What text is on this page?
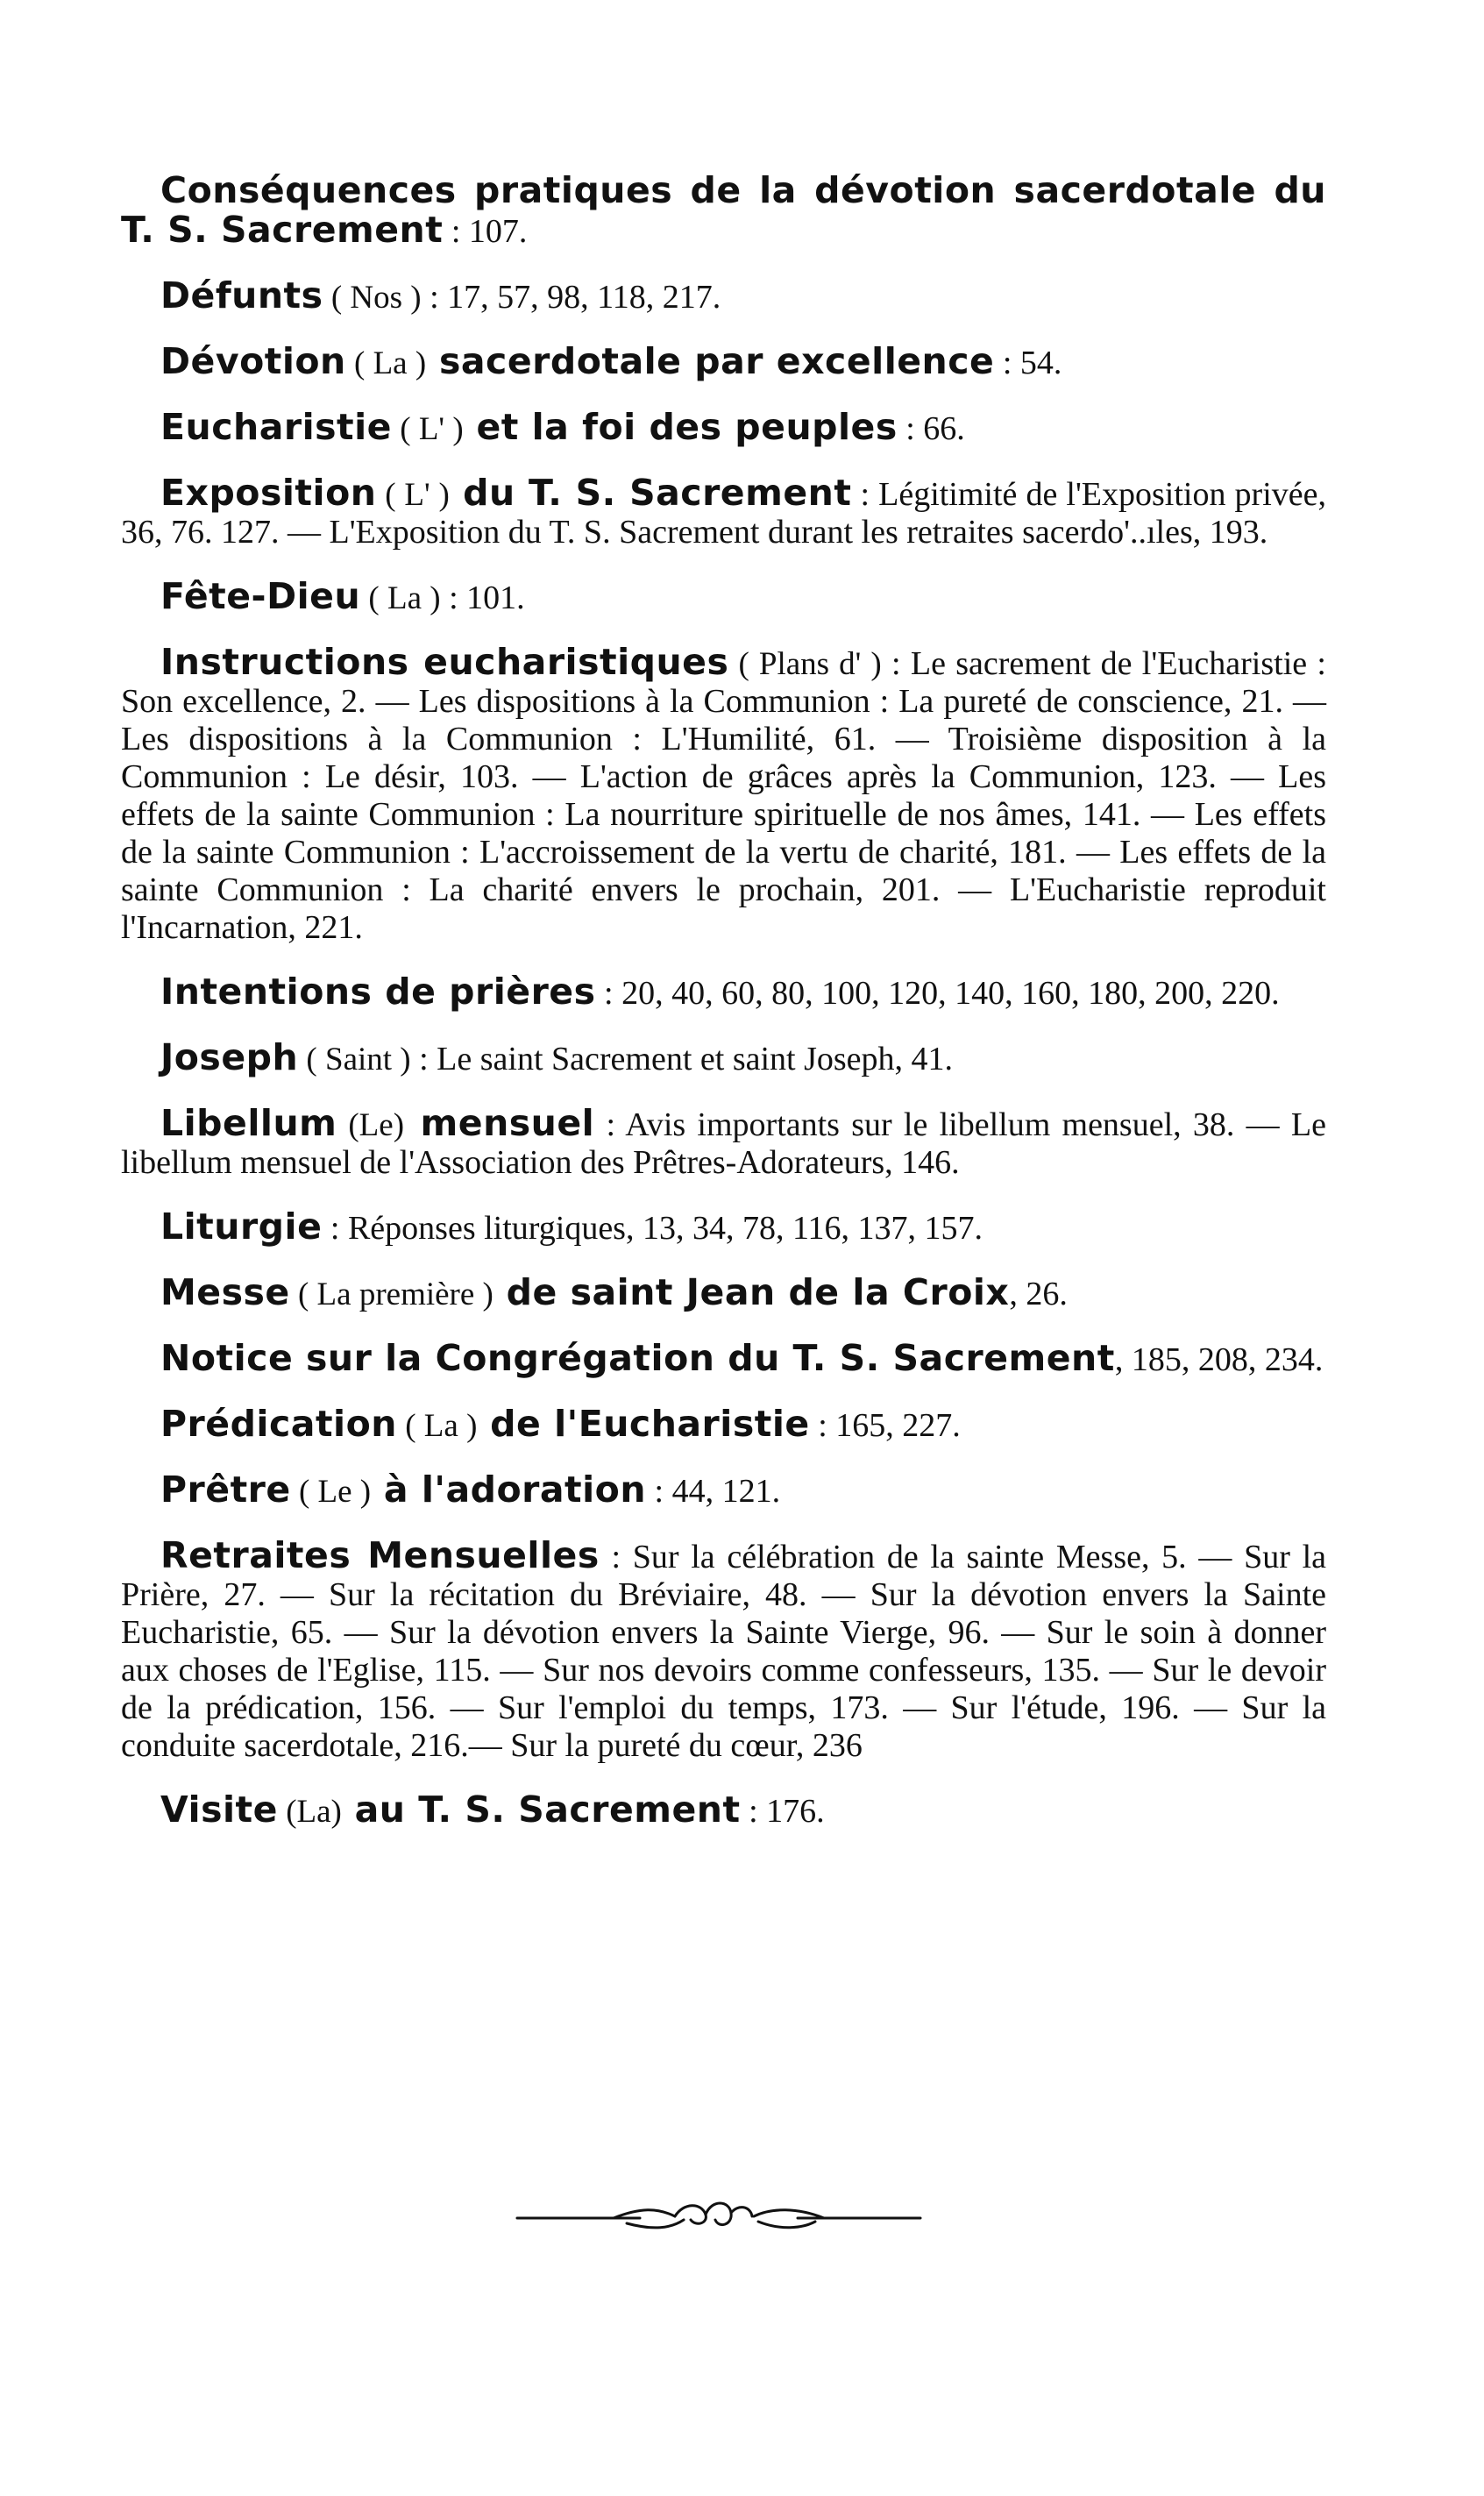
Conséquences pratiques de la dévotion sacerdotale du T. S. Sacrement : 107.

Défunts ( Nos ) : 17, 57, 98, 118, 217.

Dévotion ( La ) sacerdotale par excellence : 54.

Eucharistie ( L' ) et la foi des peuples : 66.

Exposition ( L' ) du T. S. Sacrement : Légitimité de l'Exposition privée, 36, 76. 127. — L'Exposition du T. S. Sacrement durant les retraites sacerdo'..ıles, 193.

Fête-Dieu ( La ) : 101.

Instructions eucharistiques ( Plans d' ) : Le sacrement de l'Eucharistie : Son excellence, 2. — Les dispositions à la Communion : La pureté de conscience, 21. — Les dispositions à la Communion : L'Humilité, 61. — Troisième disposition à la Communion : Le désir, 103. — L'action de grâces après la Communion, 123. — Les effets de la sainte Communion : La nourriture spirituelle de nos âmes, 141. — Les effets de la sainte Communion : L'accroissement de la vertu de charité, 181. — Les effets de la sainte Communion : La charité envers le prochain, 201. — L'Eucharistie reproduit l'Incarnation, 221.

Intentions de prières : 20, 40, 60, 80, 100, 120, 140, 160, 180, 200, 220.

Joseph ( Saint ) : Le saint Sacrement et saint Joseph, 41.

Libellum (Le) mensuel : Avis importants sur le libellum mensuel, 38. — Le libellum mensuel de l'Association des Prêtres-Adorateurs, 146.

Liturgie : Réponses liturgiques, 13, 34, 78, 116, 137, 157.

Messe ( La première ) de saint Jean de la Croix, 26.

Notice sur la Congrégation du T. S. Sacrement, 185, 208, 234.

Prédication ( La ) de l'Eucharistie : 165, 227.

Prêtre ( Le ) à l'adoration : 44, 121.

Retraites Mensuelles : Sur la célébration de la sainte Messe, 5. — Sur la Prière, 27. — Sur la récitation du Bréviaire, 48. — Sur la dévotion envers la Sainte Eucharistie, 65. — Sur la dévotion envers la Sainte Vierge, 96. — Sur le soin à donner aux choses de l'Eglise, 115. — Sur nos devoirs comme confesseurs, 135. — Sur le devoir de la prédication, 156. — Sur l'emploi du temps, 173. — Sur l'étude, 196. — Sur la conduite sacerdotale, 216.— Sur la pureté du cœur, 236

Visite (La) au T. S. Sacrement : 176.
